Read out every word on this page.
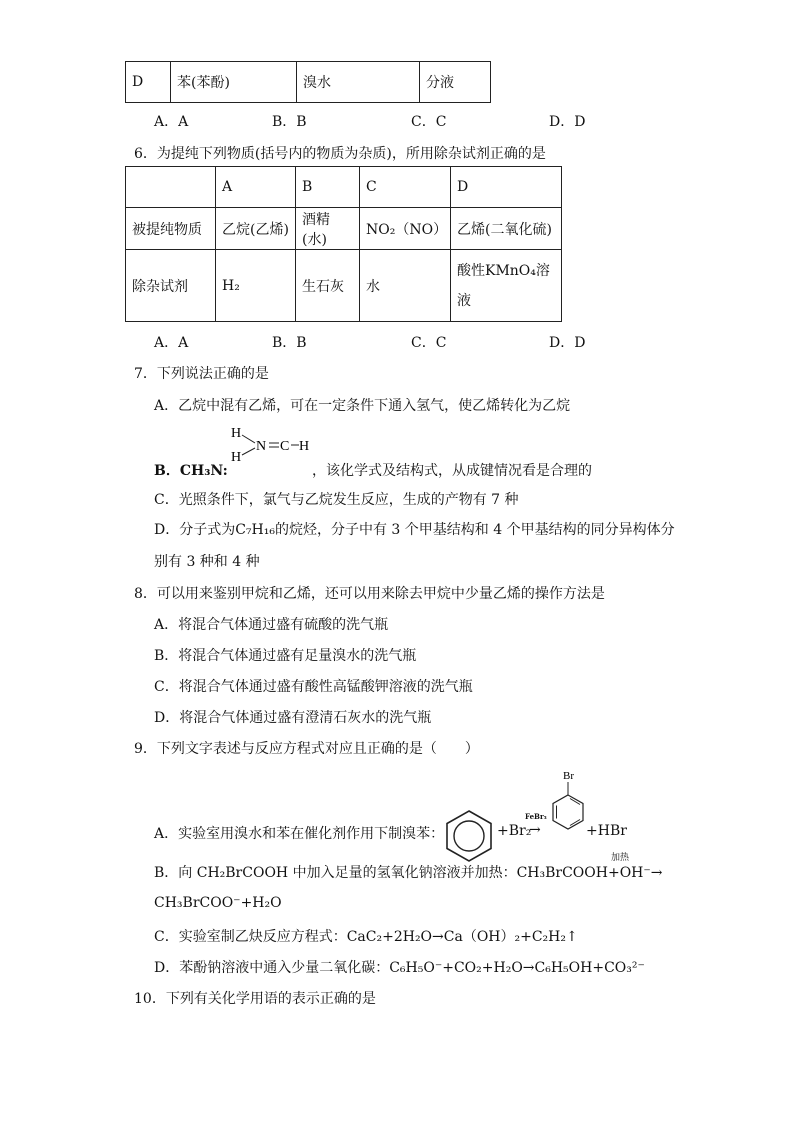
D	苯(苯酚)	溴水	分液
A．A	B．B	C．C	D．D
6．为提纯下列物质(括号内的物质为杂质)，所用除杂试剂正确的是
	A	B	C	D
被提纯物质	乙烷(乙烯)	酒精(水)	NO₂（NO）	乙烯(二氧化硫)
除杂试剂	H₂	生石灰	水	酸性KMnO₄溶
液
A．A	B．B	C．C	D．D
7．下列说法正确的是
A．乙烷中混有乙烯，可在一定条件下通入氢气，使乙烯转化为乙烷
H
H
N C H
B．CH₃N:	，该化学式及结构式，从成键情况看是合理的
C．光照条件下，氯气与乙烷发生反应，生成的产物有 7 种
D．分子式为C₇H₁₆的烷烃，分子中有 3 个甲基结构和 4 个甲基结构的同分异构体分
别有 3 种和 4 种
8．可以用来鉴别甲烷和乙烯，还可以用来除去甲烷中少量乙烯的操作方法是
A．将混合气体通过盛有硫酸的洗气瓶
B．将混合气体通过盛有足量溴水的洗气瓶
C．将混合气体通过盛有酸性高锰酸钾溶液的洗气瓶
D．将混合气体通过盛有澄清石灰水的洗气瓶
9．下列文字表述与反应方程式对应且正确的是（　　）
A．实验室用溴水和苯在催化剂作用下制溴苯：	+Br₂
FeBr₃
→
Br
+HBr
B．向 CH₂BrCOOH 中加入足量的氢氧化钠溶液并加热：CH₃BrCOOH+OH⁻→
加热
CH₃BrCOO⁻+H₂O
C．实验室制乙炔反应方程式：CaC₂+2H₂O→Ca（OH）₂+C₂H₂↑
D．苯酚钠溶液中通入少量二氧化碳：C₆H₅O⁻+CO₂+H₂O→C₆H₅OH+CO₃²⁻
10．下列有关化学用语的表示正确的是
